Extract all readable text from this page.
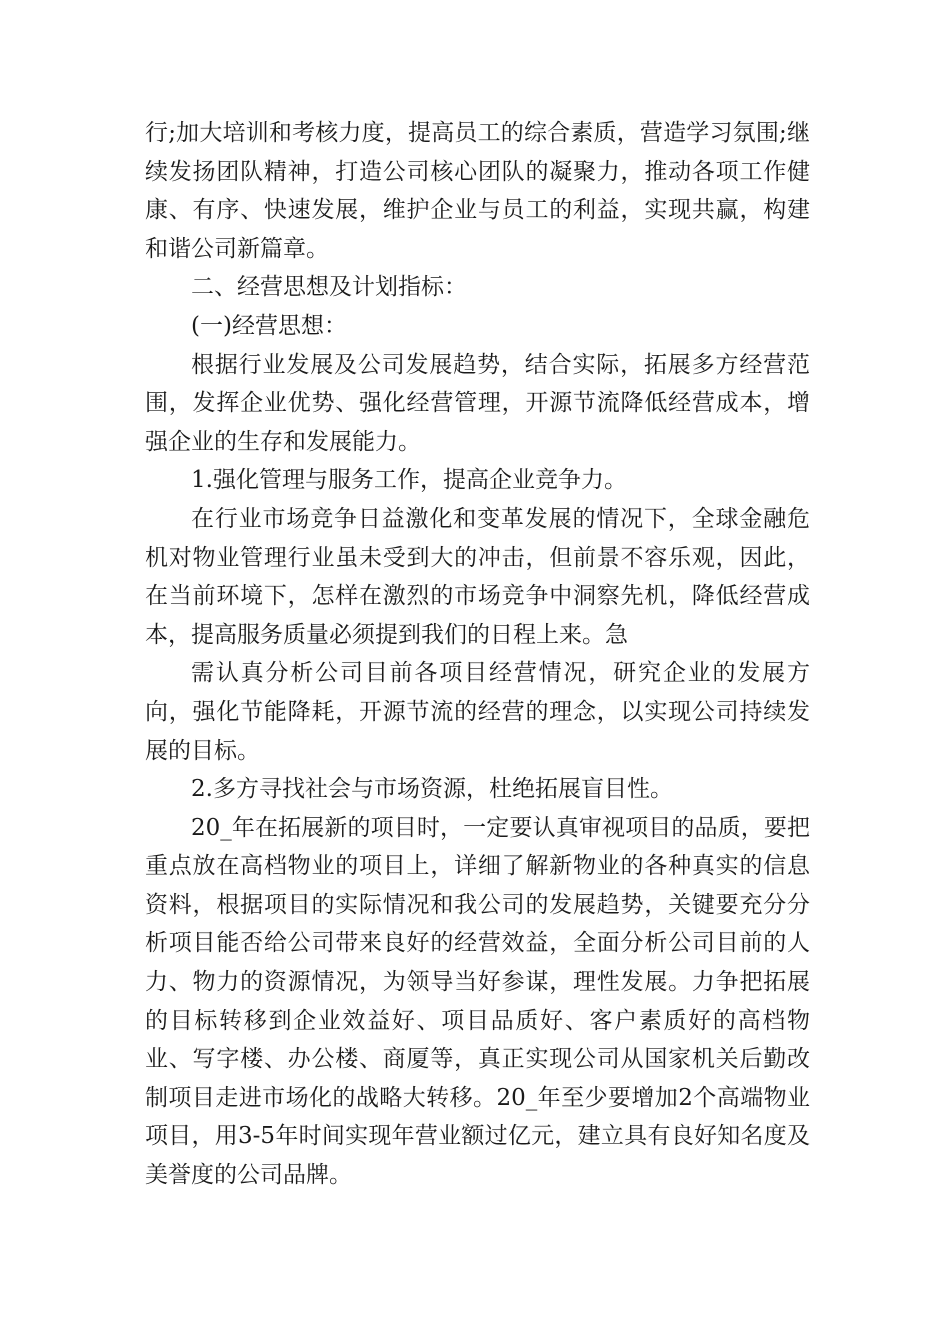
行;加大培训和考核力度，提高员工的综合素质，营造学习氛围;继续发扬团队精神，打造公司核心团队的凝聚力，推动各项工作健康、有序、快速发展，维护企业与员工的利益，实现共赢，构建和谐公司新篇章。

二、经营思想及计划指标：

(一)经营思想：

根据行业发展及公司发展趋势，结合实际，拓展多方经营范围，发挥企业优势、强化经营管理，开源节流降低经营成本，增强企业的生存和发展能力。

1.强化管理与服务工作，提高企业竞争力。

在行业市场竞争日益激化和变革发展的情况下，全球金融危机对物业管理行业虽未受到大的冲击，但前景不容乐观，因此，在当前环境下，怎样在激烈的市场竞争中洞察先机，降低经营成本，提高服务质量必须提到我们的日程上来。急

需认真分析公司目前各项目经营情况，研究企业的发展方向，强化节能降耗，开源节流的经营的理念，以实现公司持续发展的目标。

2.多方寻找社会与市场资源，杜绝拓展盲目性。

20_年在拓展新的项目时，一定要认真审视项目的品质，要把重点放在高档物业的项目上，详细了解新物业的各种真实的信息资料，根据项目的实际情况和我公司的发展趋势，关键要充分分析项目能否给公司带来良好的经营效益，全面分析公司目前的人力、物力的资源情况，为领导当好参谋，理性发展。力争把拓展的目标转移到企业效益好、项目品质好、客户素质好的高档物业、写字楼、办公楼、商厦等，真正实现公司从国家机关后勤改制项目走进市场化的战略大转移。20_年至少要增加2个高端物业项目，用3-5年时间实现年营业额过亿元，建立具有良好知名度及美誉度的公司品牌。
